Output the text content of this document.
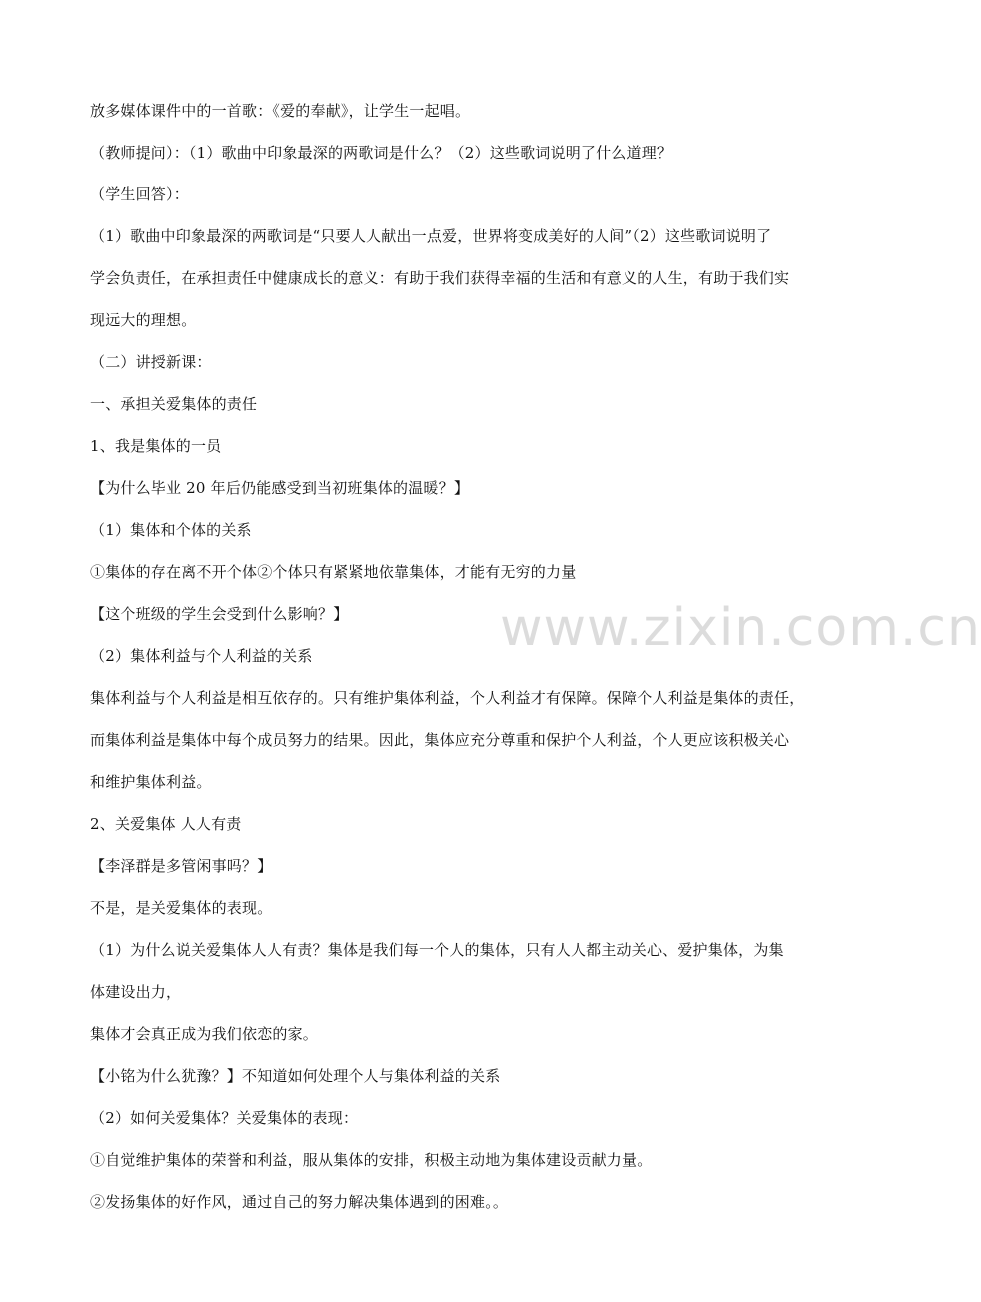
放多媒体课件中的一首歌：《爱的奉献》，让学生一起唱。
（教师提问）：（1）歌曲中印象最深的两歌词是什么？（2）这些歌词说明了什么道理？
（学生回答）：
（1）歌曲中印象最深的两歌词是“只要人人献出一点爱，世界将变成美好的人间”（2）这些歌词说明了
学会负责任，在承担责任中健康成长的意义：有助于我们获得幸福的生活和有意义的人生，有助于我们实
现远大的理想。
（二）讲授新课：
一、承担关爱集体的责任
1、我是集体的一员
【为什么毕业 20 年后仍能感受到当初班集体的温暖？】
（1）集体和个体的关系
①集体的存在离不开个体②个体只有紧紧地依靠集体，才能有无穷的力量
【这个班级的学生会受到什么影响？】
（2）集体利益与个人利益的关系
集体利益与个人利益是相互依存的。只有维护集体利益，个人利益才有保障。保障个人利益是集体的责任，
而集体利益是集体中每个成员努力的结果。因此，集体应充分尊重和保护个人利益，个人更应该积极关心
和维护集体利益。
2、关爱集体 人人有责
【李泽群是多管闲事吗？】
不是，是关爱集体的表现。
（1）为什么说关爱集体人人有责？集体是我们每一个人的集体，只有人人都主动关心、爱护集体，为集
体建设出力，
集体才会真正成为我们依恋的家。
【小铭为什么犹豫？】不知道如何处理个人与集体利益的关系
（2）如何关爱集体？关爱集体的表现：
①自觉维护集体的荣誉和利益，服从集体的安排，积极主动地为集体建设贡献力量。
②发扬集体的好作风，通过自己的努力解决集体遇到的困难。。
www.zixin.com.cn
